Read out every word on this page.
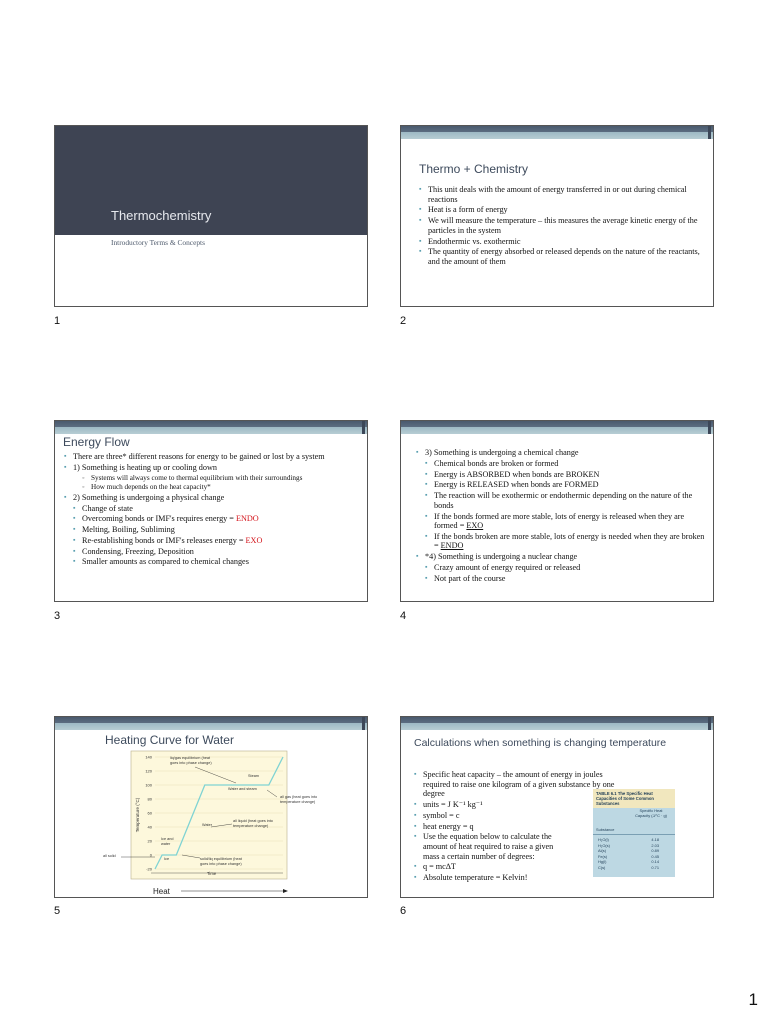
Thermochemistry
Introductory Terms & Concepts
1
Thermo + Chemistry
▪ This unit deals with the amount of energy transferred in or out during chemical reactions
▪ Heat is a form of energy
▪ We will measure the temperature – this measures the average kinetic energy of the particles in the system
▪ Endothermic vs. exothermic
▪ The quantity of energy absorbed or released depends on the nature of the reactants, and the amount of them
2
Energy Flow
▪ There are three* different reasons for energy to be gained or lost by a system
▪ 1) Something is heating up or cooling down
◦ Systems will always come to thermal equilibrium with their surroundings
◦ How much depends on the heat capacity*
▪ 2) Something is undergoing a physical change
▪ Change of state
▪ Overcoming bonds or IMF's requires energy = ENDO
▪ Melting, Boiling, Subliming
▪ Re-establishing bonds or IMF's releases energy = EXO
▪ Condensing, Freezing, Deposition
▪ Smaller amounts as compared to chemical changes
3
▪ 3) Something is undergoing a chemical change
▪ Chemical bonds are broken or formed
▪ Energy is ABSORBED when bonds are BROKEN
▪ Energy is RELEASED when bonds are FORMED
▪ The reaction will be exothermic or endothermic depending on the nature of the bonds
▪ If the bonds formed are more stable, lots of energy is released when they are formed = EXO
▪ If the bonds broken are more stable, lots of energy is needed when they are broken = ENDO
▪ *4) Something is undergoing a nuclear change
▪ Crazy amount of energy required or released
▪ Not part of the course
4
Heating Curve for Water
-20
0
20
40
60
80
100
120
140
Temperature (°C)
Time
Heat
liq/gas equilibrium (heat goes into phase change)
Steam
Water and steam
all gas (heat goes into temperature change)
Water
all liquid (heat goes into temperature change)
Ice and water
Ice
all solid
solid/liq equilibrium (heat goes into phase change)
5
Calculations when something is changing temperature
▪ Specific heat capacity – the amount of energy in joules required to raise one kilogram of a given substance by one degree
▪ units = J K⁻¹ kg⁻¹
▪ symbol = c
▪ heat energy = q
▪ Use the equation below to calculate the amount of heat required to raise a given mass a certain number of degrees:
▪ q = mc∆T
▪ Absolute temperature = Kelvin!
TABLE 6.1 The Specific Heat Capacities of Some Common Substances
Specific Heat Capacity (J/°C · g)
Substance
H₂O(l)	4.18
H₂O(s)	2.03
Al(s)	0.89
Fe(s)	0.45
Hg(l)	0.14
C(s)	0.71
6
1
